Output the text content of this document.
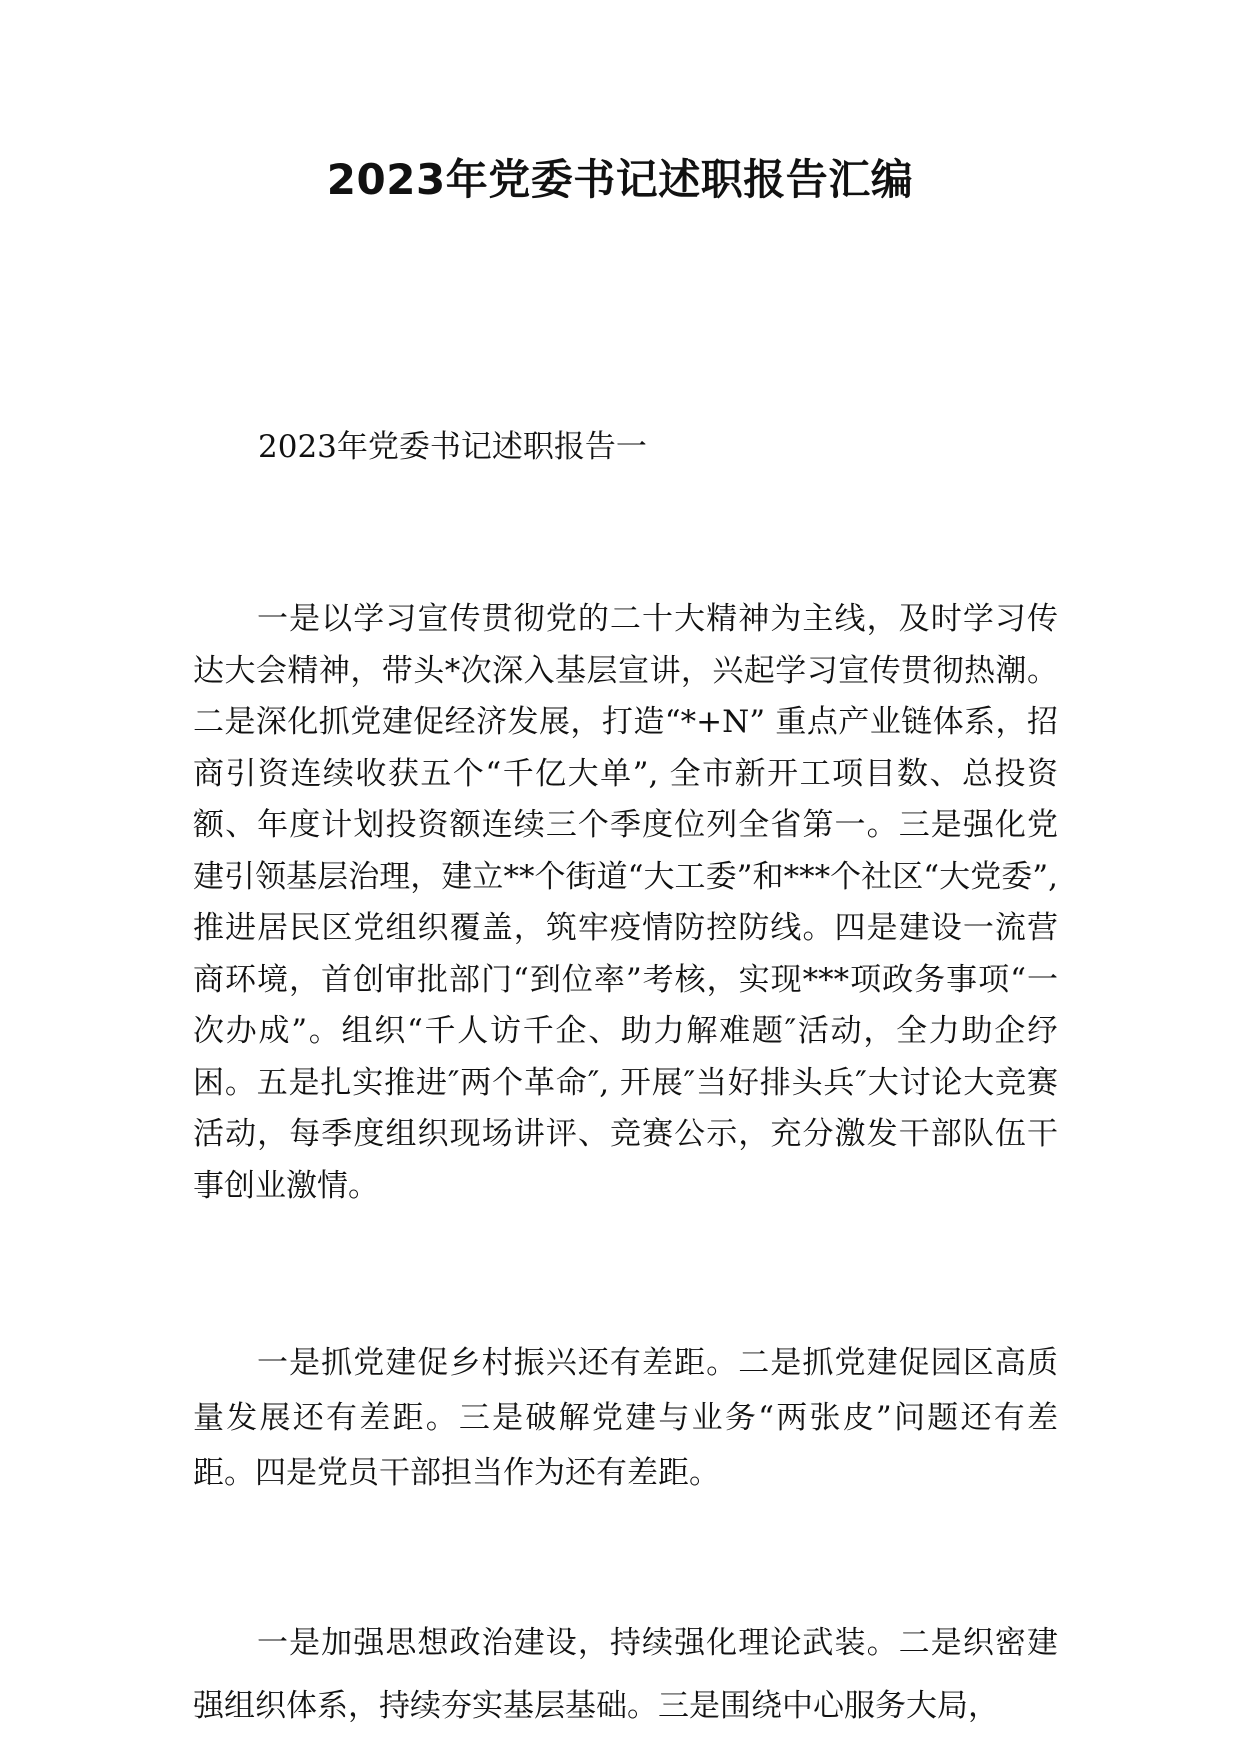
2023年党委书记述职报告汇编

2023年党委书记述职报告一

一是以学习宣传贯彻党的二十大精神为主线，及时学习传达大会精神，带头*次深入基层宣讲，兴起学习宣传贯彻热潮。二是深化抓党建促经济发展，打造“*+N” 重点产业链体系，招商引资连续收获五个“千亿大单”, 全市新开工项目数、总投资额、年度计划投资额连续三个季度位列全省第一。三是强化党建引领基层治理，建立**个街道“大工委”和***个社区“大党委”, 推进居民区党组织覆盖，筑牢疫情防控防线。四是建设一流营商环境，首创审批部门“到位率”考核，实现***项政务事项“一次办成”。组织“千人访千企、助力解难题″活动，全力助企纾困。五是扎实推进″两个革命″, 开展″当好排头兵″大讨论大竞赛活动，每季度组织现场讲评、竞赛公示，充分激发干部队伍干事创业激情。

一是抓党建促乡村振兴还有差距。二是抓党建促园区高质量发展还有差距。三是破解党建与业务“两张皮”问题还有差距。四是党员干部担当作为还有差距。

一是加强思想政治建设，持续强化理论武装。二是织密建强组织体系，持续夯实基层基础。三是围绕中心服务大局，
